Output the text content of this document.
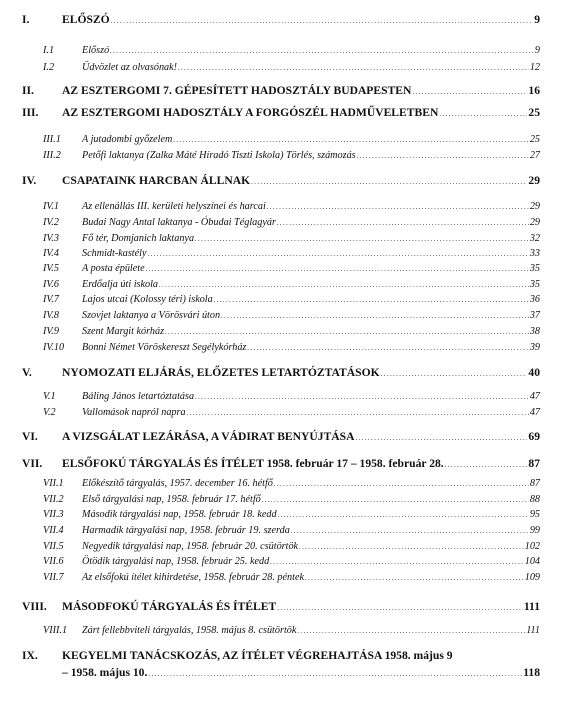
I.	ELŐSZÓ . . .	9
I.1	Előszó . . .	9
I.2	Üdvözlet az olvasónak! . . .	12
II.	AZ ESZTERGOMI 7. GÉPESÍTETT HADOSZTÁLY BUDAPESTEN . . .	16
III.	AZ ESZTERGOMI HADOSZTÁLY A FORGÓSZÉL HADMŰVELETBEN . . .	25
III.1	A jutadombi győzelem . . .	25
III.2	Petőfi laktanya (Zalka Máté Híradó Tiszti Iskola) Törlés, számozás . . .	27
IV.	CSAPATAINK HARCBAN ÁLLNAK . . .	29
IV.1	Az ellenállás III. kerületi helyszínei és harcai . . .	29
IV.2	Budai Nagy Antal laktanya - Óbudai Téglagyár . . .	29
IV.3	Fő tér, Domjanich laktanya . . .	32
IV.4	Schmidt-kastély . . .	33
IV.5	A posta épülete . . .	35
IV.6	Erdőalja úti iskola . . .	35
IV.7	Lajos utcai (Kolossy téri) iskola . . .	36
IV.8	Szovjet laktanya a Vörösvári úton . . .	37
IV.9	Szent Margit kórház . . .	38
IV.10	Bonni Német Vöröskereszt Segélykórház . . .	39
V.	NYOMOZATI ELJÁRÁS, ELŐZETES LETARTÓZTATÁSOK . . .	40
V.1	Báling János letartóztatása . . .	47
V.2	Vallomások napról napra . . .	47
VI.	A VIZSGÁLAT LEZÁRÁSA, A VÁDIRAT BENYÚJTÁSA . . .	69
VII.	ELSŐFOKÚ TÁRGYALÁS ÉS ÍTÉLET 1958. február 17 – 1958. február 28. . . .	87
VII.1	Előkészítő tárgyalás, 1957. december 16. hétfő . . .	87
VII.2	Első tárgyalási nap, 1958. február 17. hétfő . . .	88
VII.3	Második tárgyalási nap, 1958. február 18. kedd . . .	95
VII.4	Harmadik tárgyalási nap, 1958. február 19. szerda . . .	99
VII.5	Negyedik tárgyalási nap, 1958. február 20. csütörtök . . .	102
VII.6	Ötödik tárgyalási nap, 1958. február 25. kedd . . .	104
VII.7	Az elsőfokú ítélet kihirdetése, 1958. február 28. péntek . . .	109
VIII.	MÁSODFOKÚ TÁRGYALÁS ÉS ÍTÉLET . . .	111
VIII.1	Zárt fellebbviteli tárgyalás, 1958. május 8. csütörtök . . .	111
IX.	KEGYELMI TANÁCSKOZÁS, AZ ÍTÉLET VÉGREHAJTÁSA 1958. május 9
– 1958. május 10. . . .	118
